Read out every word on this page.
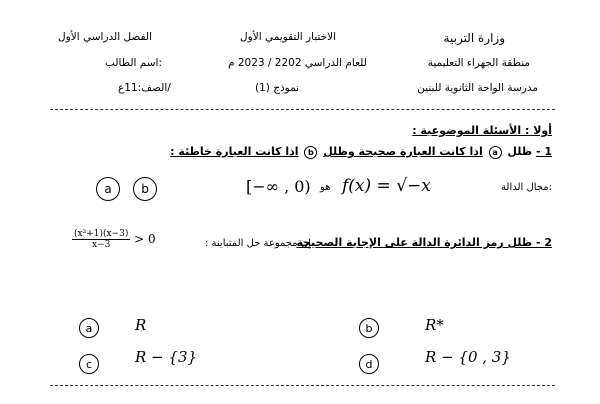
وزارة التربية
منطقة الجهراء التعليمية
مدرسة الواحة الثانوية للبنين
الاختبار التقويمي الأول
للعام الدراسي 2202 / 2023 م
نموذج (1)
الفصل الدراسي الأول
اسم الطالب:
الصف:11ع/
أولا : الأسئلة الموضوعية :
1 - ظلل a اذا كانت العبارة صحيحة وظلل b اذا كانت العبارة خاطئة :
مجال الدالة:
f(x) = √−x
هو
[−∞ , 0)
a	b
2 - ظلل رمز الدائرة الدالة على الإجابة الصحيحة
إن مجموعة حل المتباينة :
$\frac{\text{(x²+1)(x−3)}}{x-3} > 0$
a	R	b	R*
c	R − {3}	d	R − {0 , 3}
